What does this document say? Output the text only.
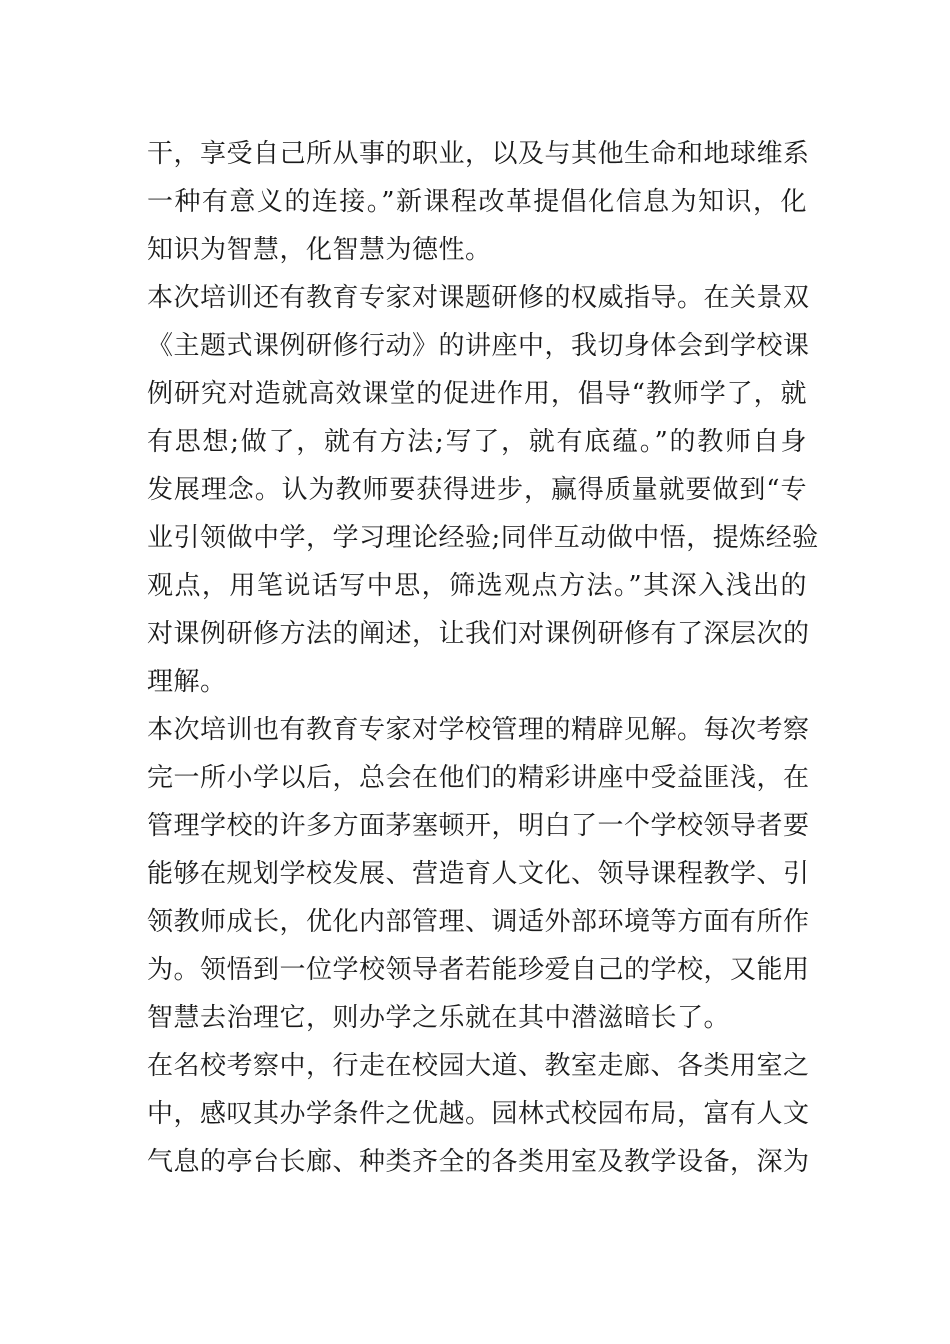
干，享受自己所从事的职业，以及与其他生命和地球维系
一种有意义的连接。”新课程改革提倡化信息为知识，化
知识为智慧，化智慧为德性。
本次培训还有教育专家对课题研修的权威指导。在关景双
《主题式课例研修行动》的讲座中，我切身体会到学校课
例研究对造就高效课堂的促进作用，倡导“教师学了，就
有思想;做了，就有方法;写了，就有底蕴。”的教师自身
发展理念。认为教师要获得进步，赢得质量就要做到“专
业引领做中学，学习理论经验;同伴互动做中悟，提炼经验
观点，用笔说话写中思，筛选观点方法。”其深入浅出的
对课例研修方法的阐述，让我们对课例研修有了深层次的
理解。
本次培训也有教育专家对学校管理的精辟见解。每次考察
完一所小学以后，总会在他们的精彩讲座中受益匪浅，在
管理学校的许多方面茅塞顿开，明白了一个学校领导者要
能够在规划学校发展、营造育人文化、领导课程教学、引
领教师成长，优化内部管理、调适外部环境等方面有所作
为。领悟到一位学校领导者若能珍爱自己的学校，又能用
智慧去治理它，则办学之乐就在其中潜滋暗长了。
在名校考察中，行走在校园大道、教室走廊、各类用室之
中，感叹其办学条件之优越。园林式校园布局，富有人文
气息的亭台长廊、种类齐全的各类用室及教学设备，深为
